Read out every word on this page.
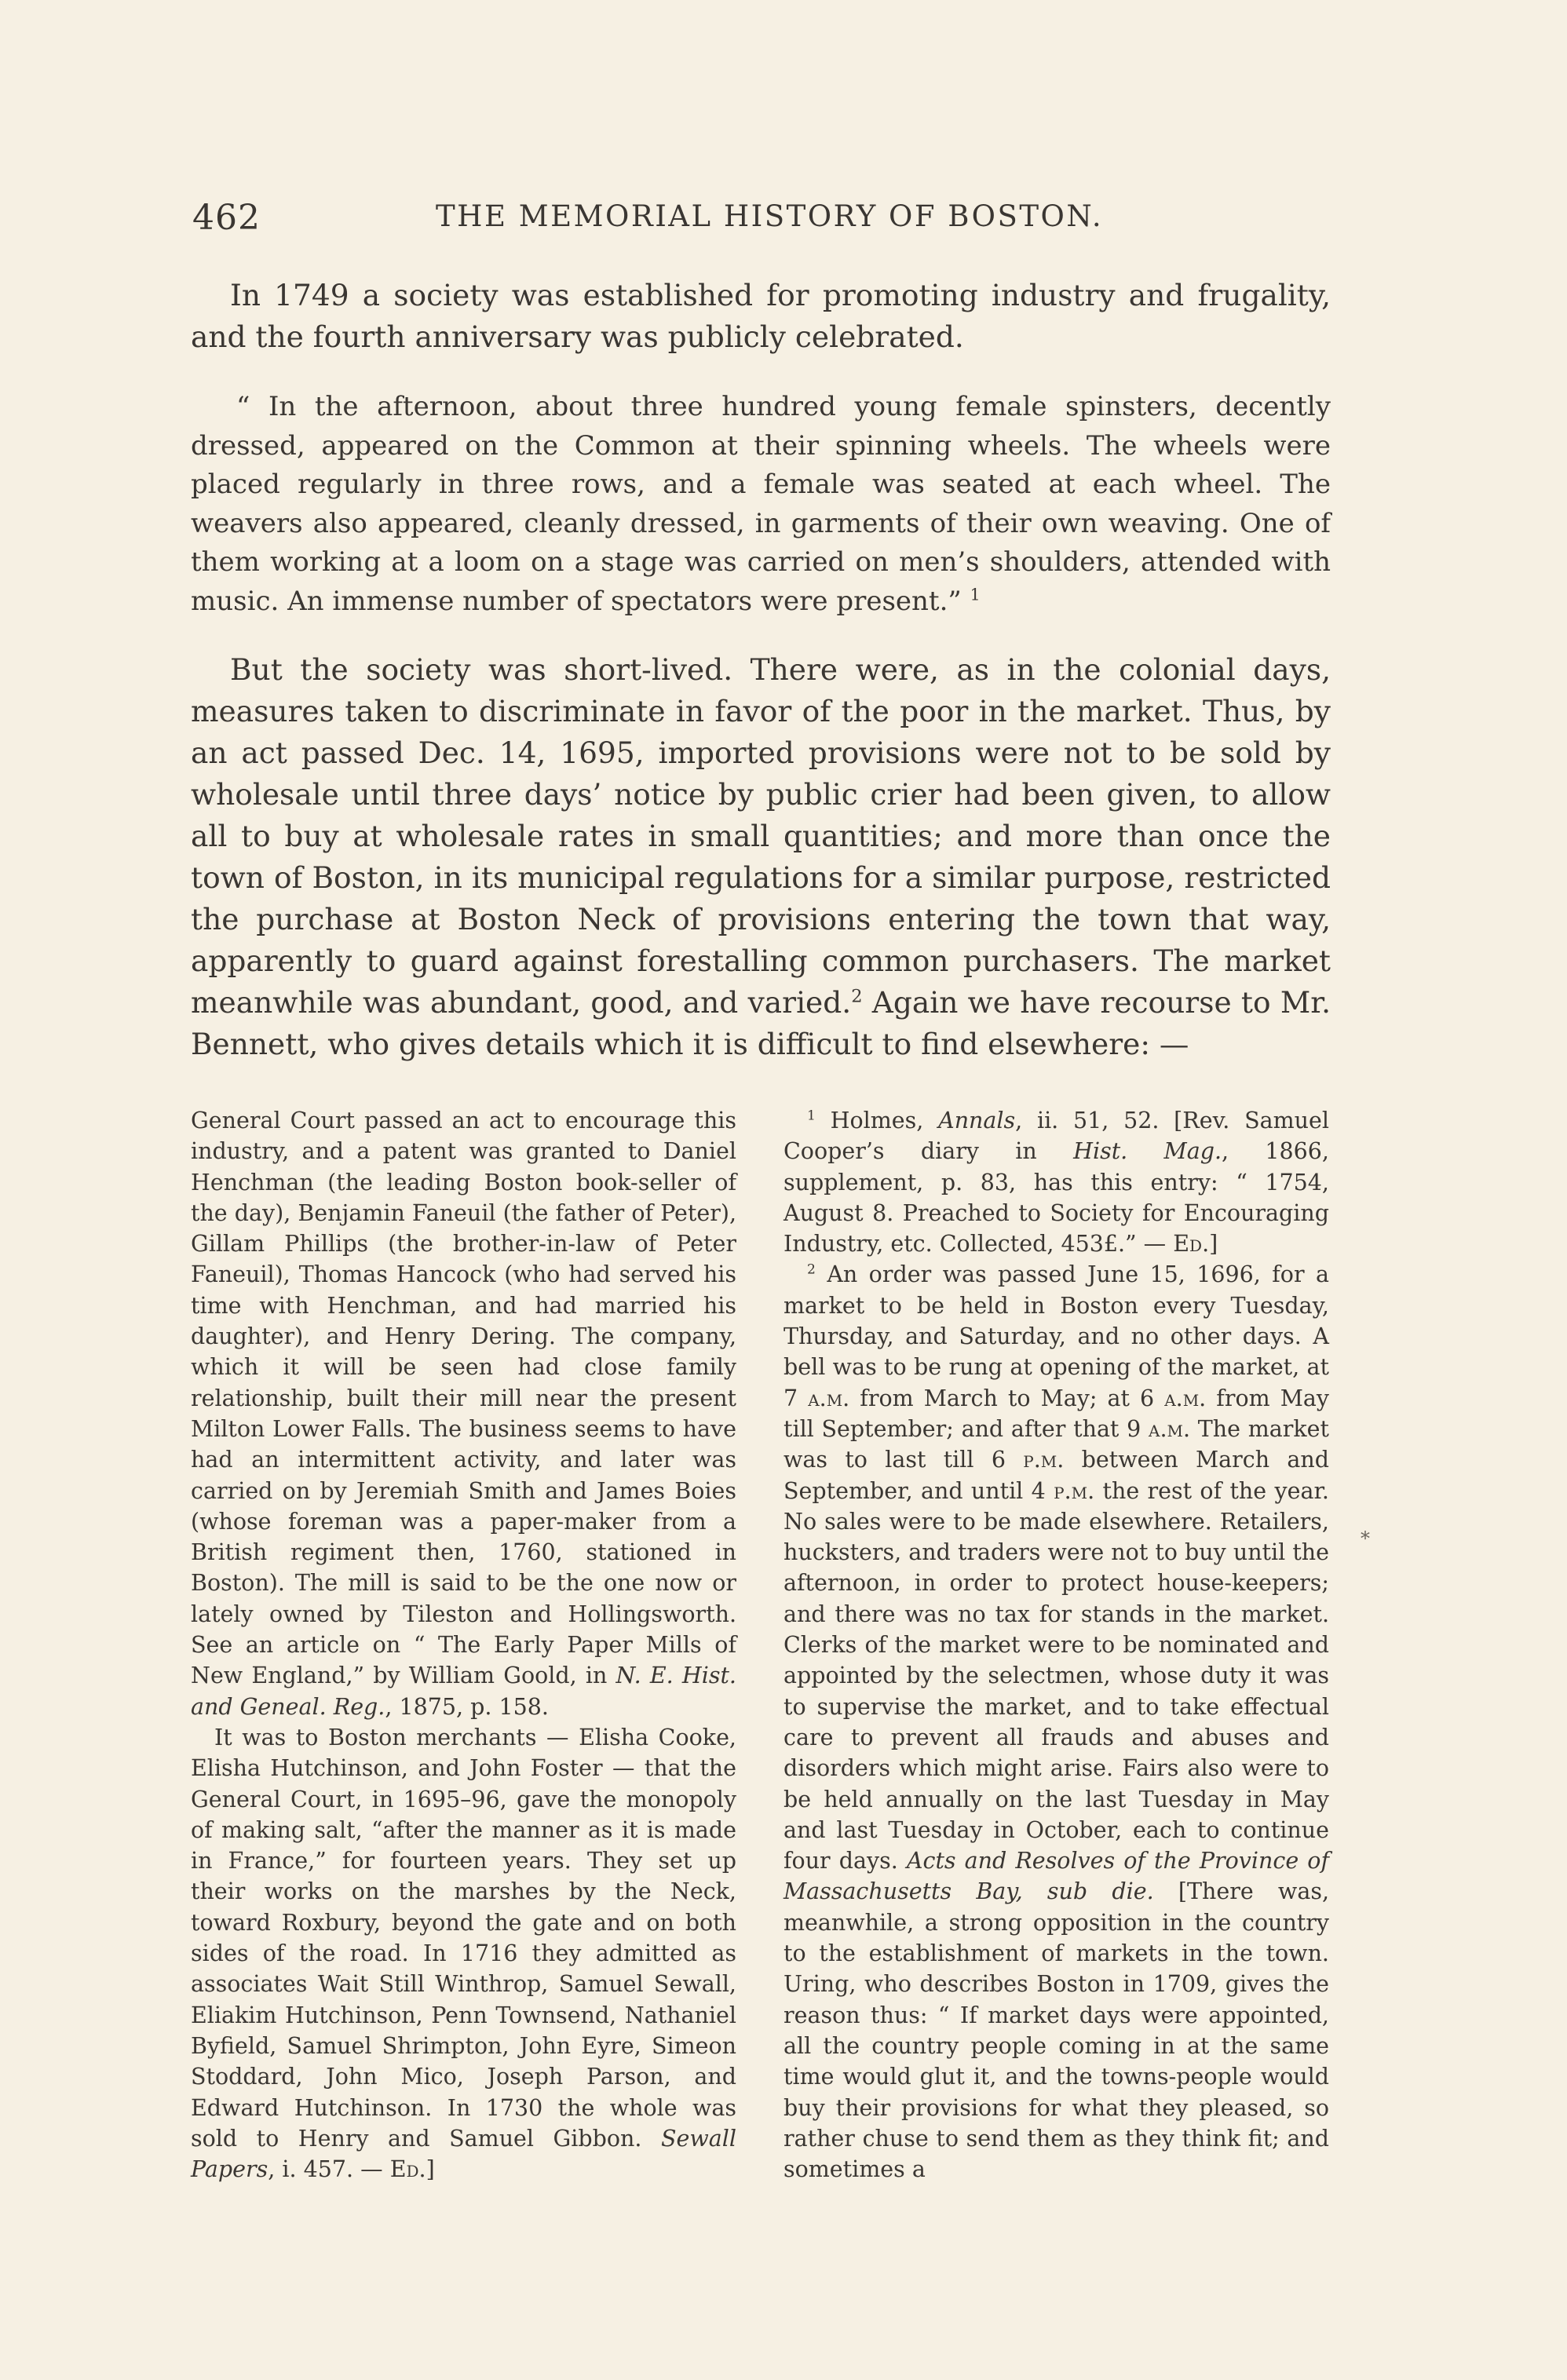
462	THE MEMORIAL HISTORY OF BOSTON.

In 1749 a society was established for promoting industry and frugality, and the fourth anniversary was publicly celebrated.

“ In the afternoon, about three hundred young female spinsters, decently dressed, appeared on the Common at their spinning wheels. The wheels were placed regularly in three rows, and a female was seated at each wheel. The weavers also appeared, cleanly dressed, in garments of their own weaving. One of them working at a loom on a stage was carried on men’s shoulders, attended with music. An immense number of spectators were present.” $^1$

But the society was short-lived. There were, as in the colonial days, measures taken to discriminate in favor of the poor in the market. Thus, by an act passed Dec. 14, 1695, imported provisions were not to be sold by wholesale until three days’ notice by public crier had been given, to allow all to buy at wholesale rates in small quantities; and more than once the town of Boston, in its municipal regulations for a similar purpose, restricted the purchase at Boston Neck of provisions entering the town that way, apparently to guard against forestalling common purchasers. The market meanwhile was abundant, good, and varied.$^2$ Again we have recourse to Mr. Bennett, who gives details which it is difficult to find elsewhere: —

General Court passed an act to encourage this industry, and a patent was granted to Daniel Henchman (the leading Boston book-seller of the day), Benjamin Faneuil (the father of Peter), Gillam Phillips (the brother-in-law of Peter Faneuil), Thomas Hancock (who had served his time with Henchman, and had married his daughter), and Henry Dering. The company, which it will be seen had close family relationship, built their mill near the present Milton Lower Falls. The business seems to have had an intermittent activity, and later was carried on by Jeremiah Smith and James Boies (whose foreman was a paper-maker from a British regiment then, 1760, stationed in Boston). The mill is said to be the one now or lately owned by Tileston and Hollingsworth. See an article on “ The Early Paper Mills of New England,” by William Goold, in N. E. Hist. and Geneal. Reg., 1875, p. 158.

It was to Boston merchants — Elisha Cooke, Elisha Hutchinson, and John Foster — that the General Court, in 1695–96, gave the monopoly of making salt, “after the manner as it is made in France,” for fourteen years. They set up their works on the marshes by the Neck, toward Roxbury, beyond the gate and on both sides of the road. In 1716 they admitted as associates Wait Still Winthrop, Samuel Sewall, Eliakim Hutchinson, Penn Townsend, Nathaniel Byfield, Samuel Shrimpton, John Eyre, Simeon Stoddard, John Mico, Joseph Parson, and Edward Hutchinson. In 1730 the whole was sold to Henry and Samuel Gibbon. Sewall Papers, i. 457. — Ed.]

$^1$ Holmes, Annals, ii. 51, 52. [Rev. Samuel Cooper’s diary in Hist. Mag., 1866, supplement, p. 83, has this entry: “ 1754, August 8. Preached to Society for Encouraging Industry, etc. Collected, 453£.” — Ed.]

$^2$ An order was passed June 15, 1696, for a market to be held in Boston every Tuesday, Thursday, and Saturday, and no other days. A bell was to be rung at opening of the market, at 7 a.m. from March to May; at 6 a.m. from May till September; and after that 9 a.m. The market was to last till 6 p.m. between March and September, and until 4 p.m. the rest of the year. No sales were to be made elsewhere. Retailers, hucksters, and traders were not to buy until the afternoon, in order to protect house-keepers; and there was no tax for stands in the market. Clerks of the market were to be nominated and appointed by the selectmen, whose duty it was to supervise the market, and to take effectual care to prevent all frauds and abuses and disorders which might arise. Fairs also were to be held annually on the last Tuesday in May and last Tuesday in October, each to continue four days. Acts and Resolves of the Province of Massachusetts Bay, sub die. [There was, meanwhile, a strong opposition in the country to the establishment of markets in the town. Uring, who describes Boston in 1709, gives the reason thus: “ If market days were appointed, all the country people coming in at the same time would glut it, and the towns-people would buy their provisions for what they pleased, so rather chuse to send them as they think fit; and sometimes a

*
